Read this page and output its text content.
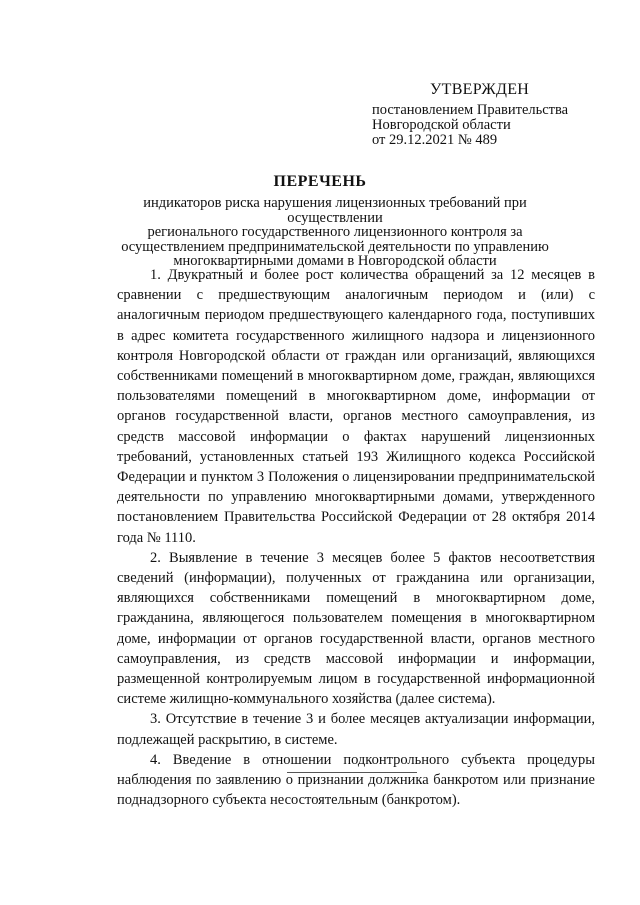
УТВЕРЖДЕН
постановлением Правительства
Новгородской области
от 29.12.2021 № 489
ПЕРЕЧЕНЬ
индикаторов риска нарушения лицензионных требований при осуществлении
регионального государственного лицензионного контроля за
осуществлением предпринимательской деятельности по управлению
многоквартирными домами в Новгородской области

1. Двукратный и более рост количества обращений за 12 месяцев в сравнении с предшествующим аналогичным периодом и (или) с аналогичным периодом предшествующего календарного года, поступивших в адрес комитета государственного жилищного надзора и лицензионного контроля Новгородской области от граждан или организаций, являющихся собственниками помещений в многоквартирном доме, граждан, являющихся пользователями помещений в многоквартирном доме, информации от органов государственной власти, органов местного самоуправления, из средств массовой информации о фактах нарушений лицензионных требований, установленных статьей 193 Жилищного кодекса Российской Федерации и пунктом 3 Положения о лицензировании предпринимательской деятельности по управлению многоквартирными домами, утвержденного постановлением Правительства Российской Федерации от 28 октября 2014 года № 1110.

2. Выявление в течение 3 месяцев более 5 фактов несоответствия сведений (информации), полученных от гражданина или организации, являющихся собственниками помещений в многоквартирном доме, гражданина, являющегося пользователем помещения в многоквартирном доме, информации от органов государственной власти, органов местного самоуправления, из средств массовой информации и информации, размещенной контролируемым лицом в государственной информационной системе жилищно-коммунального хозяйства (далее система).

3. Отсутствие в течение 3 и более месяцев актуализации информации, подлежащей раскрытию, в системе.

4. Введение в отношении подконтрольного субъекта процедуры наблюдения по заявлению о признании должника банкротом или признание поднадзорного субъекта несостоятельным (банкротом).
